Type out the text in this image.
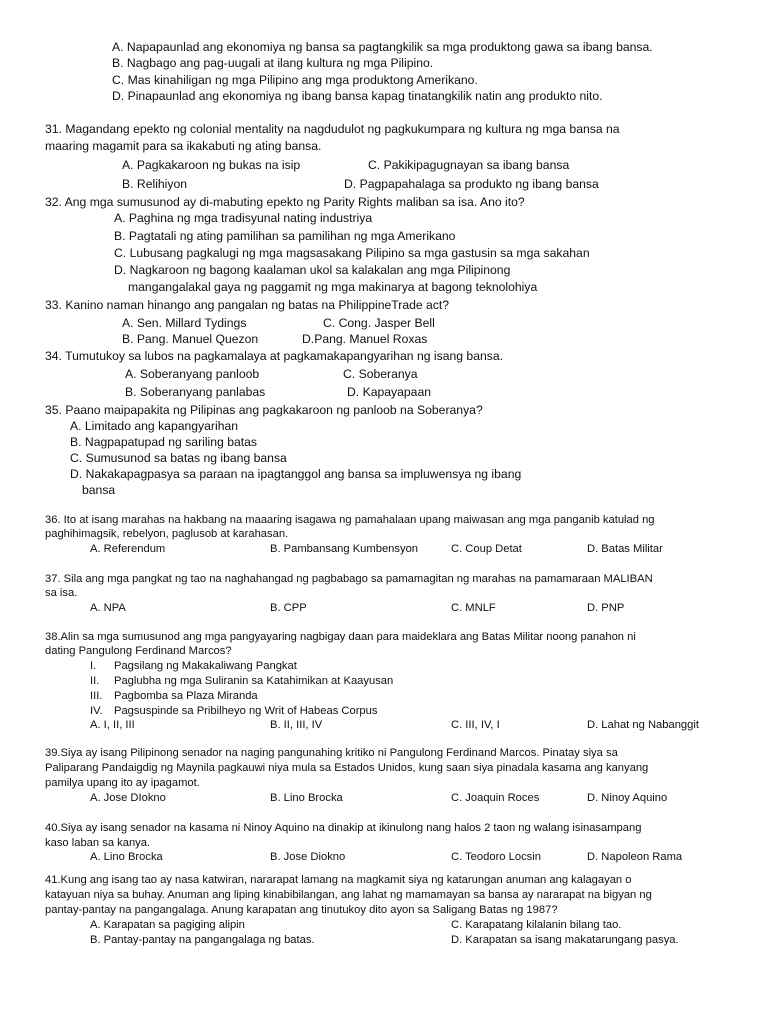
A. Napapaunlad ang ekonomiya ng bansa sa pagtangkilik sa mga produktong gawa sa ibang bansa.
B. Nagbago ang pag-uugali at ilang kultura ng mga Pilipino.
C. Mas kinahiligan ng mga Pilipino ang mga produktong Amerikano.
D. Pinapaunlad ang ekonomiya ng ibang bansa kapag tinatangkilik natin ang produkto nito.
31. Magandang epekto ng colonial mentality na nagdudulot ng pagkukumpara ng kultura ng mga bansa na
maaring magamit para sa ikakabuti ng ating bansa.
A. Pagkakaroon ng bukas na isip	C. Pakikipagugnayan sa ibang bansa
B. Relihiyon	D. Pagpapahalaga sa produkto ng ibang bansa
32. Ang mga sumusunod ay di-mabuting epekto ng Parity Rights maliban sa isa. Ano ito?
A. Paghina ng mga tradisyunal nating industriya
B. Pagtatali ng ating pamilihan sa pamilihan ng mga Amerikano
C. Lubusang pagkalugi ng mga magsasakang Pilipino sa mga gastusin sa mga sakahan
D. Nagkaroon ng bagong kaalaman ukol sa kalakalan ang mga Pilipinong
mangangalakal gaya ng paggamit ng mga makinarya at bagong teknolohiya
33. Kanino naman hinango ang pangalan ng batas na PhilippineTrade act?
A. Sen. Millard Tydings	C. Cong. Jasper Bell
B. Pang. Manuel Quezon	D.Pang. Manuel Roxas
34. Tumutukoy sa lubos na pagkamalaya at pagkamakapangyarihan ng isang bansa.
A. Soberanyang panloob	C. Soberanya
B. Soberanyang panlabas	D. Kapayapaan
35. Paano maipapakita ng Pilipinas ang pagkakaroon ng panloob na Soberanya?
A. Limitado ang kapangyarihan
B. Nagpapatupad ng sariling batas
C. Sumusunod sa batas ng ibang bansa
D. Nakakapagpasya sa paraan na ipagtanggol ang bansa sa impluwensya ng ibang
bansa
36. Ito at isang marahas na hakbang na maaaring isagawa ng pamahalaan upang maiwasan ang mga panganib katulad ng
paghihimagsik, rebelyon, paglusob at karahasan.
A. Referendum	B. Pambansang Kumbensyon	C. Coup Detat	D. Batas Militar
37. Sila ang mga pangkat ng tao na naghahangad ng pagbabago sa pamamagitan ng marahas na pamamaraan MALIBAN
sa isa.
A. NPA	B. CPP	C. MNLF	D. PNP
38.Alin sa mga sumusunod ang mga pangyayaring nagbigay daan para maideklara ang Batas Militar noong panahon ni
dating Pangulong Ferdinand Marcos?
I. Pagsilang ng Makakaliwang Pangkat
II. Paglubha ng mga Suliranin sa Katahimikan at Kaayusan
III. Pagbomba sa Plaza Miranda
IV. Pagsuspinde sa Pribilheyo ng Writ of Habeas Corpus
A. I, II, III	B. II, III, IV	C. III, IV, I	D. Lahat ng Nabanggit
39.Siya ay isang Pilipinong senador na naging pangunahing kritiko ni Pangulong Ferdinand Marcos. Pinatay siya sa
Paliparang Pandaigdig ng Maynila pagkauwi niya mula sa Estados Unidos, kung saan siya pinadala kasama ang kanyang
pamilya upang ito ay ipagamot.
A. Jose DIokno	B. Lino Brocka	C. Joaquin Roces	D. Ninoy Aquino
40.Siya ay isang senador na kasama ni Ninoy Aquino na dinakip at ikinulong nang halos 2 taon ng walang isinasampang
kaso laban sa kanya.
A. Lino Brocka	B. Jose Diokno	C. Teodoro Locsin	D. Napoleon Rama
41.Kung ang isang tao ay nasa katwiran, nararapat lamang na magkamit siya ng katarungan anuman ang kalagayan o
katayuan niya sa buhay. Anuman ang liping kinabibilangan, ang lahat ng mamamayan sa bansa ay nararapat na bigyan ng
pantay-pantay na pangangalaga. Anung karapatan ang tinutukoy dito ayon sa Saligang Batas ng 1987?
A. Karapatan sa pagiging alipin	C. Karapatang kilalanin bilang tao.
B. Pantay-pantay na pangangalaga ng batas.	D. Karapatan sa isang makatarungang pasya.
